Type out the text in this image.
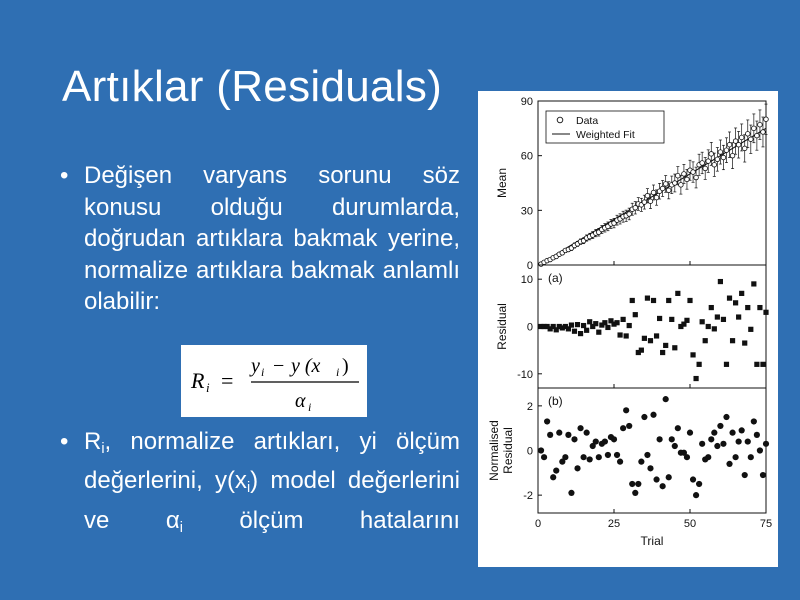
Artıklar (Residuals)
• Değişen varyans sorunu söz konusu olduğu durumlarda, doğrudan artıklara bakmak yerine, normalize artıklara bakmak anlamlı olabilir:
• $R_i$, normalize artıkları, yi ölçüm değerlerini, $y(x_i)$ model değerlerini ve $\alpha_i$ ölçüm hatalarını
R i =
y i − y (x i )
α i
0
30
60
90
Mean
Data
Weighted Fit
10
0
-10
Residual
(a)
2
0
-2
0	25	50	75
Trial
Normalised Residual
(b)
